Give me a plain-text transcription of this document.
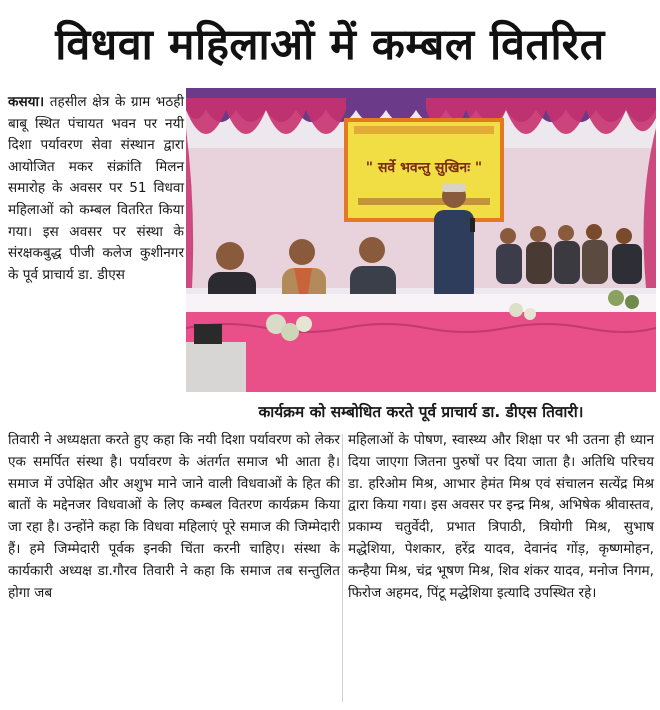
विधवा महिलाओं में कम्बल वितरित
कसया। तहसील क्षेत्र के ग्राम भठही बाबू स्थित पंचायत भवन पर नयी दिशा पर्यावरण सेवा संस्थान द्वारा आयोजित मकर संक्रांति मिलन समारोह के अवसर पर 51 विधवा महिलाओं को कम्बल वितरित किया गया। इस अवसर पर संस्था के संरक्षकबुद्ध पीजी कलेज कुशीनगर के पूर्व प्राचार्य डा. डीएस
" सर्वे भवन्तु सुखिनः "
कार्यक्रम को सम्बोधित करते पूर्व प्राचार्य डा. डीएस तिवारी।
तिवारी ने अध्यक्षता करते हुए कहा कि नयी दिशा पर्यावरण को लेकर एक समर्पित संस्था है। पर्यावरण के अंतर्गत समाज भी आता है। समाज में उपेक्षित और अशुभ माने जाने वाली विधवाओं के हित की बातों के मद्देनजर विधवाओं के लिए कम्बल वितरण कार्यक्रम किया जा रहा है। उन्होंने कहा कि विधवा महिलाएं पूरे समाज की जिम्मेदारी हैं। हमे जिम्मेदारी पूर्वक इनकी चिंता करनी चाहिए। संस्था के कार्यकारी अध्यक्ष डा.गौरव तिवारी ने कहा कि समाज तब सन्तुलित होगा जब
महिलाओं के पोषण, स्वास्थ्य और शिक्षा पर भी उतना ही ध्यान दिया जाएगा जितना पुरुषों पर दिया जाता है। अतिथि परिचय डा. हरिओम मिश्र, आभार हेमंत मिश्र एवं संचालन सत्येंद्र मिश्र द्वारा किया गया। इस अवसर पर इन्द्र मिश्र, अभिषेक श्रीवास्तव, प्रकाम्य चतुर्वेदी, प्रभात त्रिपाठी, त्रियोगी मिश्र, सुभाष मद्धेशिया, पेशकार, हरेंद्र यादव, देवानंद गोंड़, कृष्णमोहन, कन्हैया मिश्र, चंद्र भूषण मिश्र, शिव शंकर यादव, मनोज निगम, फिरोज अहमद, पिंटू मद्धेशिया इत्यादि उपस्थित रहे।
